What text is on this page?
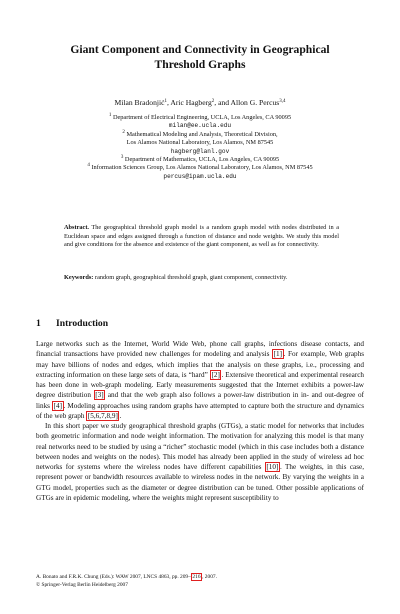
Giant Component and Connectivity in Geographical
Threshold Graphs
Milan Bradonjić$^1$, Aric Hagberg$^2$, and Allon G. Percus$^{3,4}$
$^1$ Department of Electrical Engineering, UCLA, Los Angeles, CA 90095
milan@ee.ucla.edu
$^2$ Mathematical Modeling and Analysis, Theoretical Division,
Los Alamos National Laboratory, Los Alamos, NM 87545
hagberg@lanl.gov
$^3$ Department of Mathematics, UCLA, Los Angeles, CA 90095
$^4$ Information Sciences Group, Los Alamos National Laboratory, Los Alamos, NM 87545
percus@ipam.ucla.edu
Abstract. The geographical threshold graph model is a random graph model with nodes distributed in a Euclidean space and edges assigned through a function of distance and node weights. We study this model and give conditions for the absence and existence of the giant component, as well as for connectivity.
Keywords: random graph, geographical threshold graph, giant component, connectivity.
1 Introduction

Large networks such as the Internet, World Wide Web, phone call graphs, infections disease contacts, and financial transactions have provided new challenges for modeling and analysis [1] . For example, Web graphs may have billions of nodes and edges, which implies that the analysis on these graphs, i.e., processing and extracting information on these large sets of data, is “hard” [2] . Extensive theoretical and experimental research has been done in web-graph modeling. Early measurements suggested that the Internet exhibits a power-law degree distribution [3] and that the web graph also follows a power-law distribution in in- and out-degree of links [4] . Modeling approaches using random graphs have attempted to capture both the structure and dynamics of the web graph [5,6,7,8,9] .

In this short paper we study geographical threshold graphs (GTGs), a static model for networks that includes both geometric information and node weight information. The motivation for analyzing this model is that many real networks need to be studied by using a “richer” stochastic model (which in this case includes both a distance between nodes and weights on the nodes). This model has already been applied in the study of wireless ad hoc networks for systems where the wireless nodes have different capabilities [10] . The weights, in this case, represent power or bandwidth resources available to wireless nodes in the network. By varying the weights in a GTG model, properties such as the diameter or degree distribution can be tuned. Other possible applications of GTGs are in epidemic modeling, where the weights might represent susceptibility to

A. Bonato and F.R.K. Chung (Eds.): WAW 2007, LNCS 4863, pp. 209– 216 , 2007.
© Springer-Verlag Berlin Heidelberg 2007
